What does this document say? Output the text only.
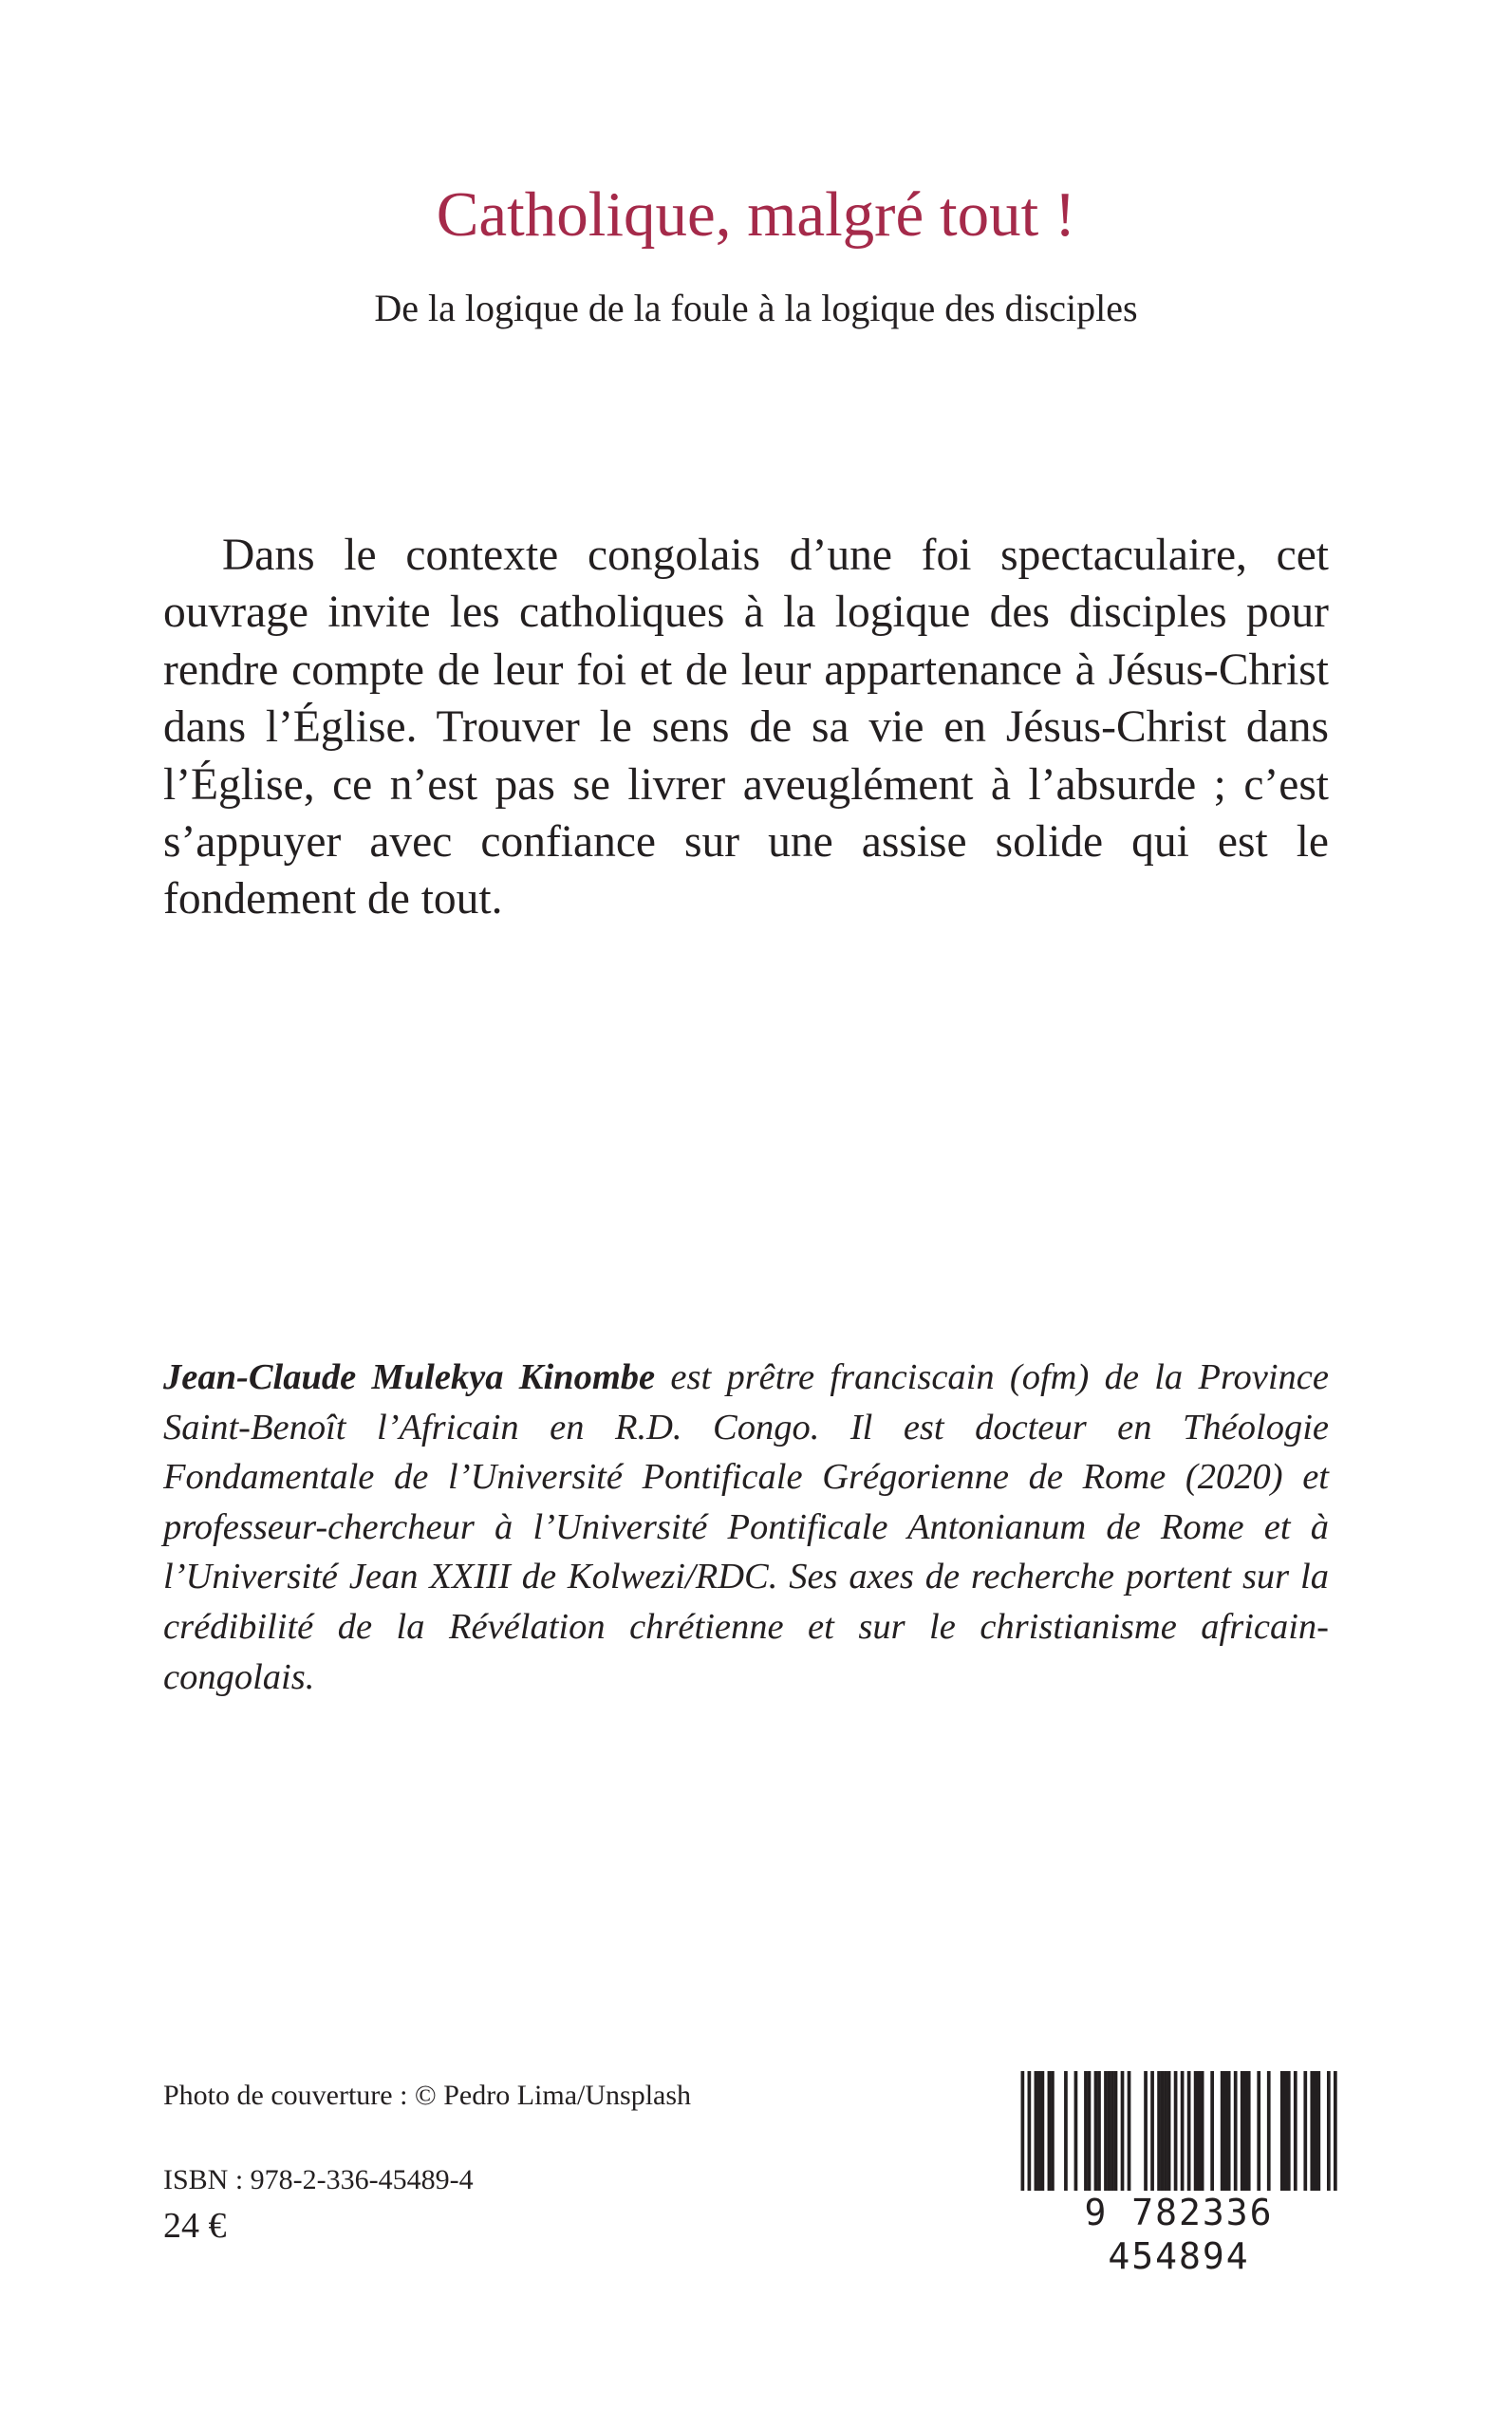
Catholique, malgré tout !
De la logique de la foule à la logique des disciples

Dans le contexte congolais d’une foi spectaculaire, cet ouvrage invite les catholiques à la logique des disciples pour rendre compte de leur foi et de leur appartenance à Jésus-Christ dans l’Église. Trouver le sens de sa vie en Jésus-Christ dans l’Église, ce n’est pas se livrer aveuglément à l’absurde ; c’est s’appuyer avec confiance sur une assise solide qui est le fondement de tout.

Jean-Claude Mulekya Kinombe est prêtre franciscain (ofm) de la Province Saint-Benoît l’Africain en R.D. Congo. Il est docteur en Théologie Fondamentale de l’Université Pontificale Grégorienne de Rome (2020) et professeur-chercheur à l’Université Pontificale Antonianum de Rome et à l’Université Jean XXIII de Kolwezi/RDC. Ses axes de recherche portent sur la crédibilité de la Révélation chrétienne et sur le christianisme africain-congolais.

Photo de couverture : © Pedro Lima/Unsplash

ISBN : 978-2-336-45489-4

24 €	9 782336 454894
